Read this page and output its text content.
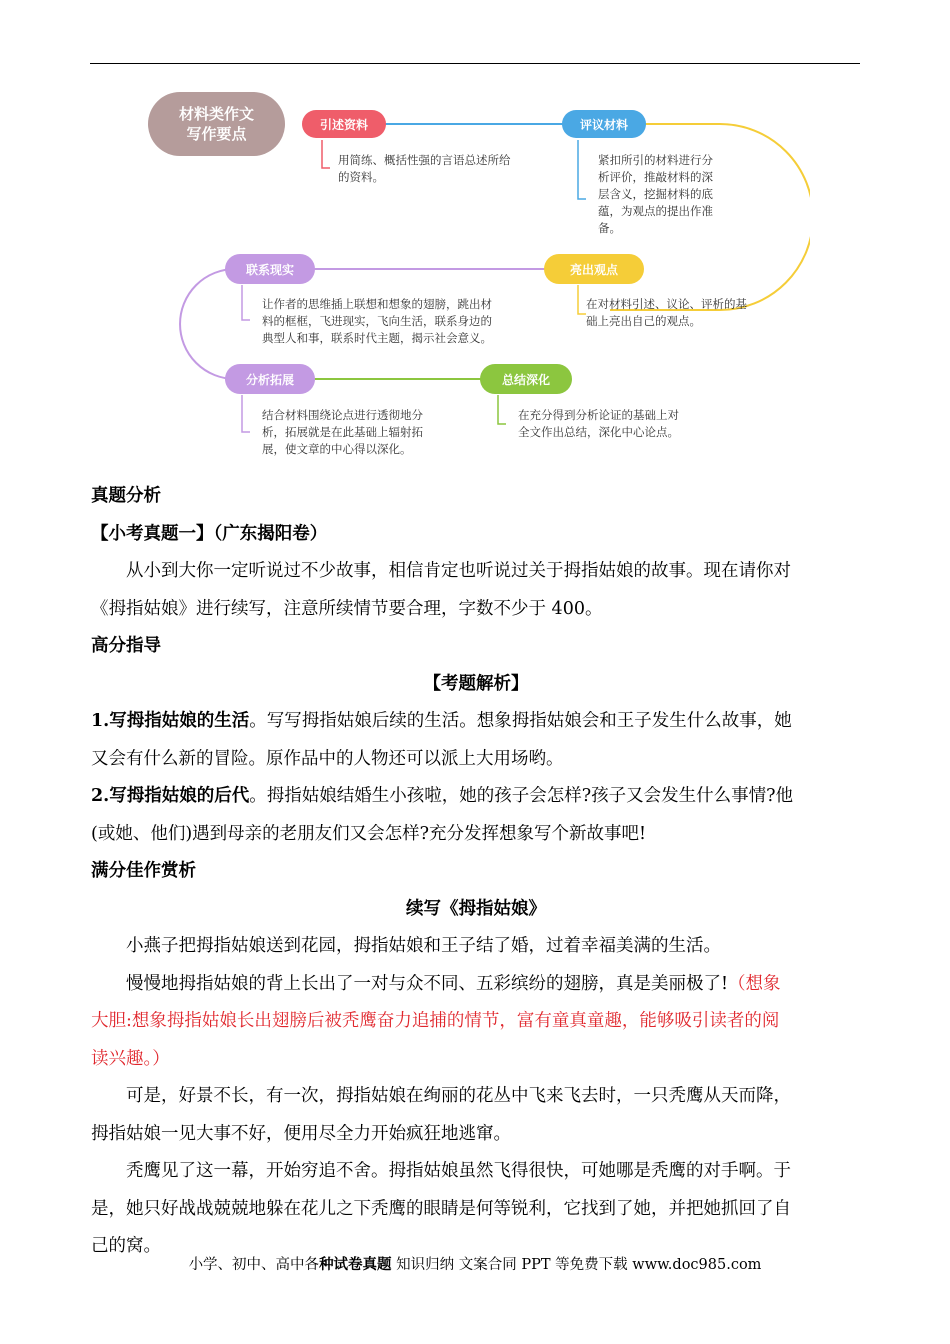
材料类作文
写作要点
引述资料
用简练、概括性强的言语总述所给
的资料。
评议材料
紧扣所引的材料进行分
析评价，推敲材料的深
层含义，挖掘材料的底
蕴，为观点的提出作准
备。
亮出观点
在对材料引述、议论、评析的基
础上亮出自己的观点。
联系现实
让作者的思维插上联想和想象的翅膀，跳出材
料的框框，飞进现实，飞向生活，联系身边的
典型人和事，联系时代主题，揭示社会意义。
分析拓展
结合材料围绕论点进行透彻地分
析，拓展就是在此基础上辐射拓
展，使文章的中心得以深化。
总结深化
在充分得到分析论证的基础上对
全文作出总结，深化中心论点。

真题分析

【小考真题一】（广东揭阳卷）

从小到大你一定听说过不少故事，相信肯定也听说过关于拇指姑娘的故事。现在请你对

《拇指姑娘》进行续写，注意所续情节要合理，字数不少于 400。

高分指导

【考题解析】

1.写拇指姑娘的生活。写写拇指姑娘后续的生活。想象拇指姑娘会和王子发生什么故事，她

又会有什么新的冒险。原作品中的人物还可以派上大用场哟。

2.写拇指姑娘的后代。拇指姑娘结婚生小孩啦，她的孩子会怎样?孩子又会发生什么事情?他

(或她、他们)遇到母亲的老朋友们又会怎样?充分发挥想象写个新故事吧!

满分佳作赏析

续写《拇指姑娘》

小燕子把拇指姑娘送到花园，拇指姑娘和王子结了婚，过着幸福美满的生活。

慢慢地拇指姑娘的背上长出了一对与众不同、五彩缤纷的翅膀，真是美丽极了!（想象

大胆:想象拇指姑娘长出翅膀后被秃鹰奋力追捕的情节，富有童真童趣，能够吸引读者的阅

读兴趣。）

可是，好景不长，有一次，拇指姑娘在绚丽的花丛中飞来飞去时，一只秃鹰从天而降，

拇指姑娘一见大事不好，便用尽全力开始疯狂地逃窜。

秃鹰见了这一幕，开始穷追不舍。拇指姑娘虽然飞得很快，可她哪是秃鹰的对手啊。于

是，她只好战战兢兢地躲在花儿之下秃鹰的眼睛是何等锐利，它找到了她，并把她抓回了自

己的窝。

小学、初中、高中各种试卷真题 知识归纳 文案合同 PPT 等免费下载 www.doc985.com
